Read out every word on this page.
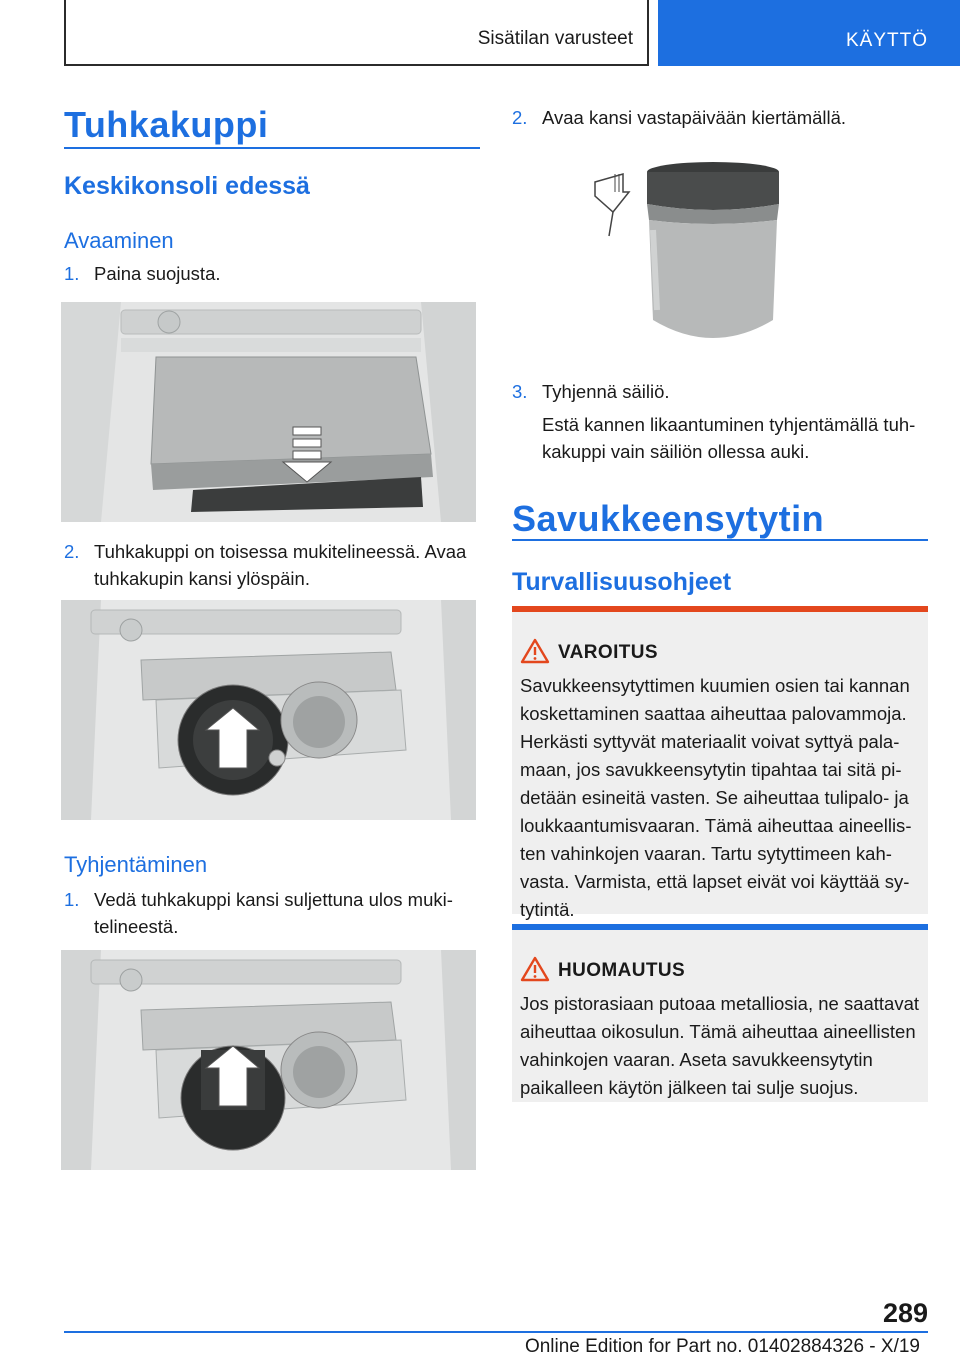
Sisätilan varusteet	KÄYTTÖ
Tuhkakuppi
Keskikonsoli edessä
Avaaminen
1. Paina suojusta.
2. Tuhkakuppi on toisessa mukitelineessä. Avaa tuhkakupin kansi ylöspäin.
Tyhjentäminen
1. Vedä tuhkakuppi kansi suljettuna ulos mukitelineestä.
2. Avaa kansi vastapäivään kiertämällä.
3. Tyhjennä säiliö.
Estä kannen likaantuminen tyhjentämällä tuhkakuppi vain säiliön ollessa auki.
Savukkeensytytin
Turvallisuusohjeet
VAROITUS
Savukkeensytyttimen kuumien osien tai kannan koskettaminen saattaa aiheuttaa palovammoja. Herkästi syttyvät materiaalit voivat syttyä palamaan, jos savukkeensytytin tipahtaa tai sitä pidetään esineitä vasten. Se aiheuttaa tulipalo- ja loukkaantumisvaaran. Tämä aiheuttaa aineellisten vahinkojen vaaran. Tartu sytyttimeen kahvasta. Varmista, että lapset eivät voi käyttää sytytintä.
HUOMAUTUS
Jos pistorasiaan putoaa metalliosia, ne saattavat aiheuttaa oikosulun. Tämä aiheuttaa aineellisten vahinkojen vaaran. Aseta savukkeensytytin paikalleen käytön jälkeen tai sulje suojus.
289
Online Edition for Part no. 01402884326 - X/19
